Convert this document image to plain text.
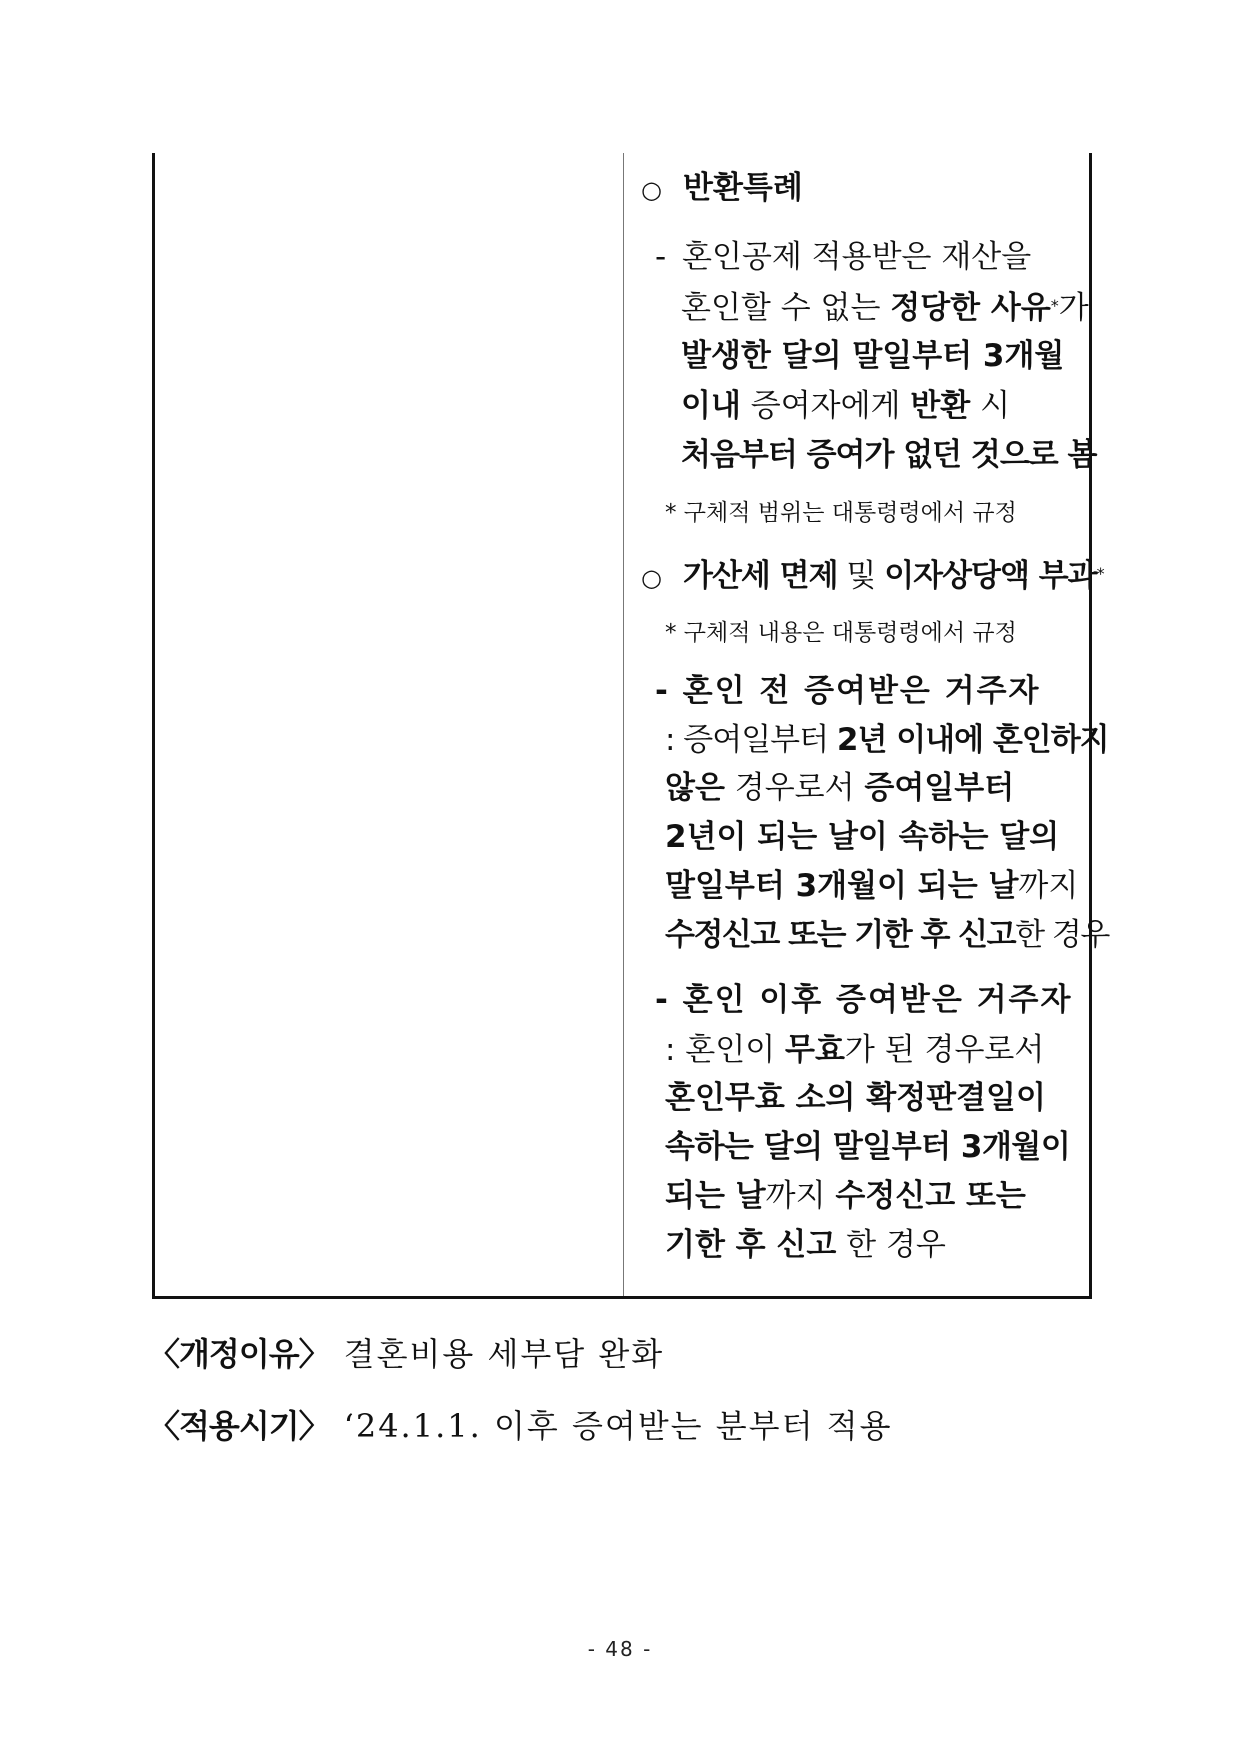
○ 반환특례
- 혼인공제 적용받은 재산을
혼인할 수 없는 정당한 사유*가
발생한 달의 말일부터 3개월
이내 증여자에게 반환 시
처음부터 증여가 없던 것으로 봄
* 구체적 범위는 대통령령에서 규정
○ 가산세 면제 및 이자상당액 부과*
* 구체적 내용은 대통령령에서 규정
- 혼인 전 증여받은 거주자
: 증여일부터 2년 이내에 혼인하지
않은 경우로서 증여일부터
2년이 되는 날이 속하는 달의
말일부터 3개월이 되는 날까지
수정신고 또는 기한 후 신고한 경우
- 혼인 이후 증여받은 거주자
: 혼인이 무효가 된 경우로서
혼인무효 소의 확정판결일이
속하는 달의 말일부터 3개월이
되는 날까지 수정신고 또는
기한 후 신고 한 경우
〈개정이유〉 결혼비용 세부담 완화
〈적용시기〉 ‘24.1.1. 이후 증여받는 분부터 적용
- 48 -
